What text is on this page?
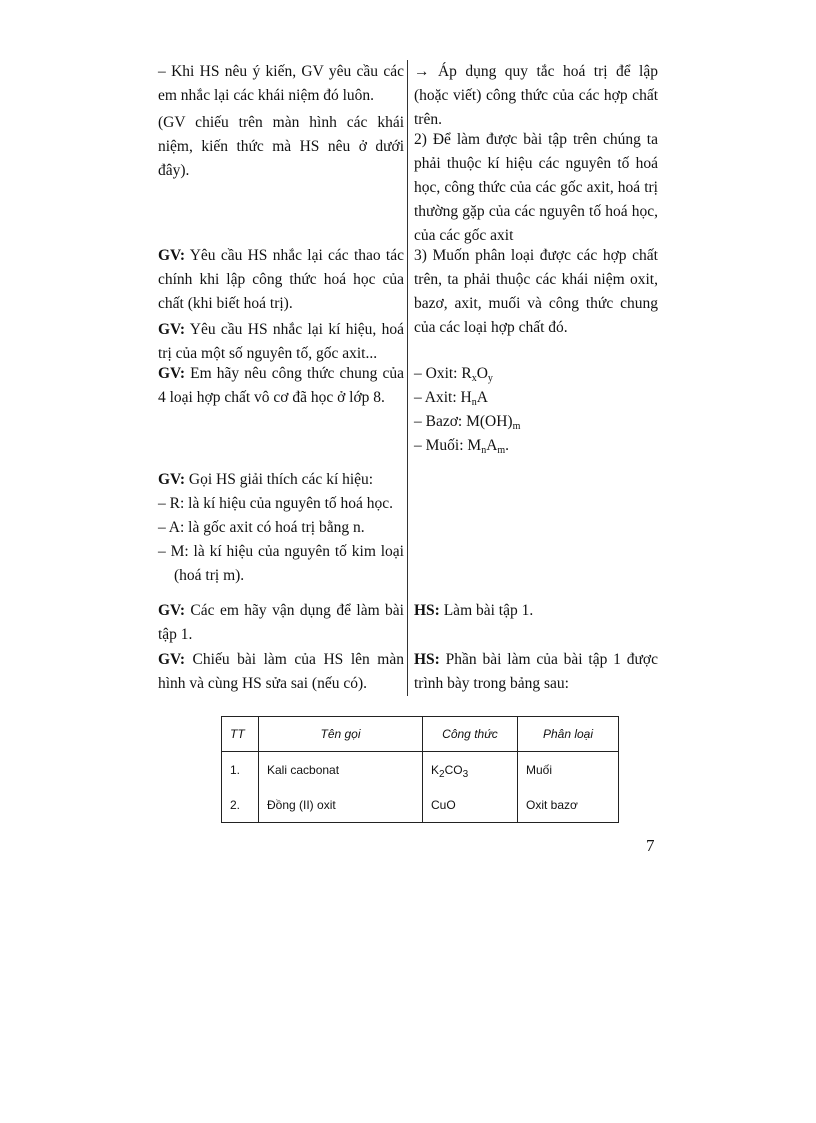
– Khi HS nêu ý kiến, GV yêu cầu các em nhắc lại các khái niệm đó luôn.

(GV chiếu trên màn hình các khái niệm, kiến thức mà HS nêu ở dưới đây).

GV: Yêu cầu HS nhắc lại các thao tác chính khi lập công thức hoá học của chất (khi biết hoá trị).

GV: Yêu cầu HS nhắc lại kí hiệu, hoá trị của một số nguyên tố, gốc axit...

GV: Em hãy nêu công thức chung của 4 loại hợp chất vô cơ đã học ở lớp 8.

GV: Gọi HS giải thích các kí hiệu:

– R: là kí hiệu của nguyên tố hoá học.

– A: là gốc axit có hoá trị bằng n.

– M: là kí hiệu của nguyên tố kim loại (hoá trị m).

GV: Các em hãy vận dụng để làm bài tập 1.

GV: Chiếu bài làm của HS lên màn hình và cùng HS sửa sai (nếu có).

→ Áp dụng quy tắc hoá trị để lập (hoặc viết) công thức của các hợp chất trên.

2) Để làm được bài tập trên chúng ta phải thuộc kí hiệu các nguyên tố hoá học, công thức của các gốc axit, hoá trị thường gặp của các nguyên tố hoá học, của các gốc axit

3) Muốn phân loại được các hợp chất trên, ta phải thuộc các khái niệm oxit, bazơ, axit, muối và công thức chung của các loại hợp chất đó.

– Oxit: $R_xO_y$

– Axit: $H_nA$

– Bazơ: $M(OH)_m$

– Muối: $M_nA_m$.

HS: Làm bài tập 1.

HS: Phần bài làm của bài tập 1 được trình bày trong bảng sau:

TT	Tên gọi	Công thức	Phân loại
1.	Kali cacbonat	$K_2CO_3$	Muối
2.	Đồng (II) oxit	CuO	Oxit bazơ
7
